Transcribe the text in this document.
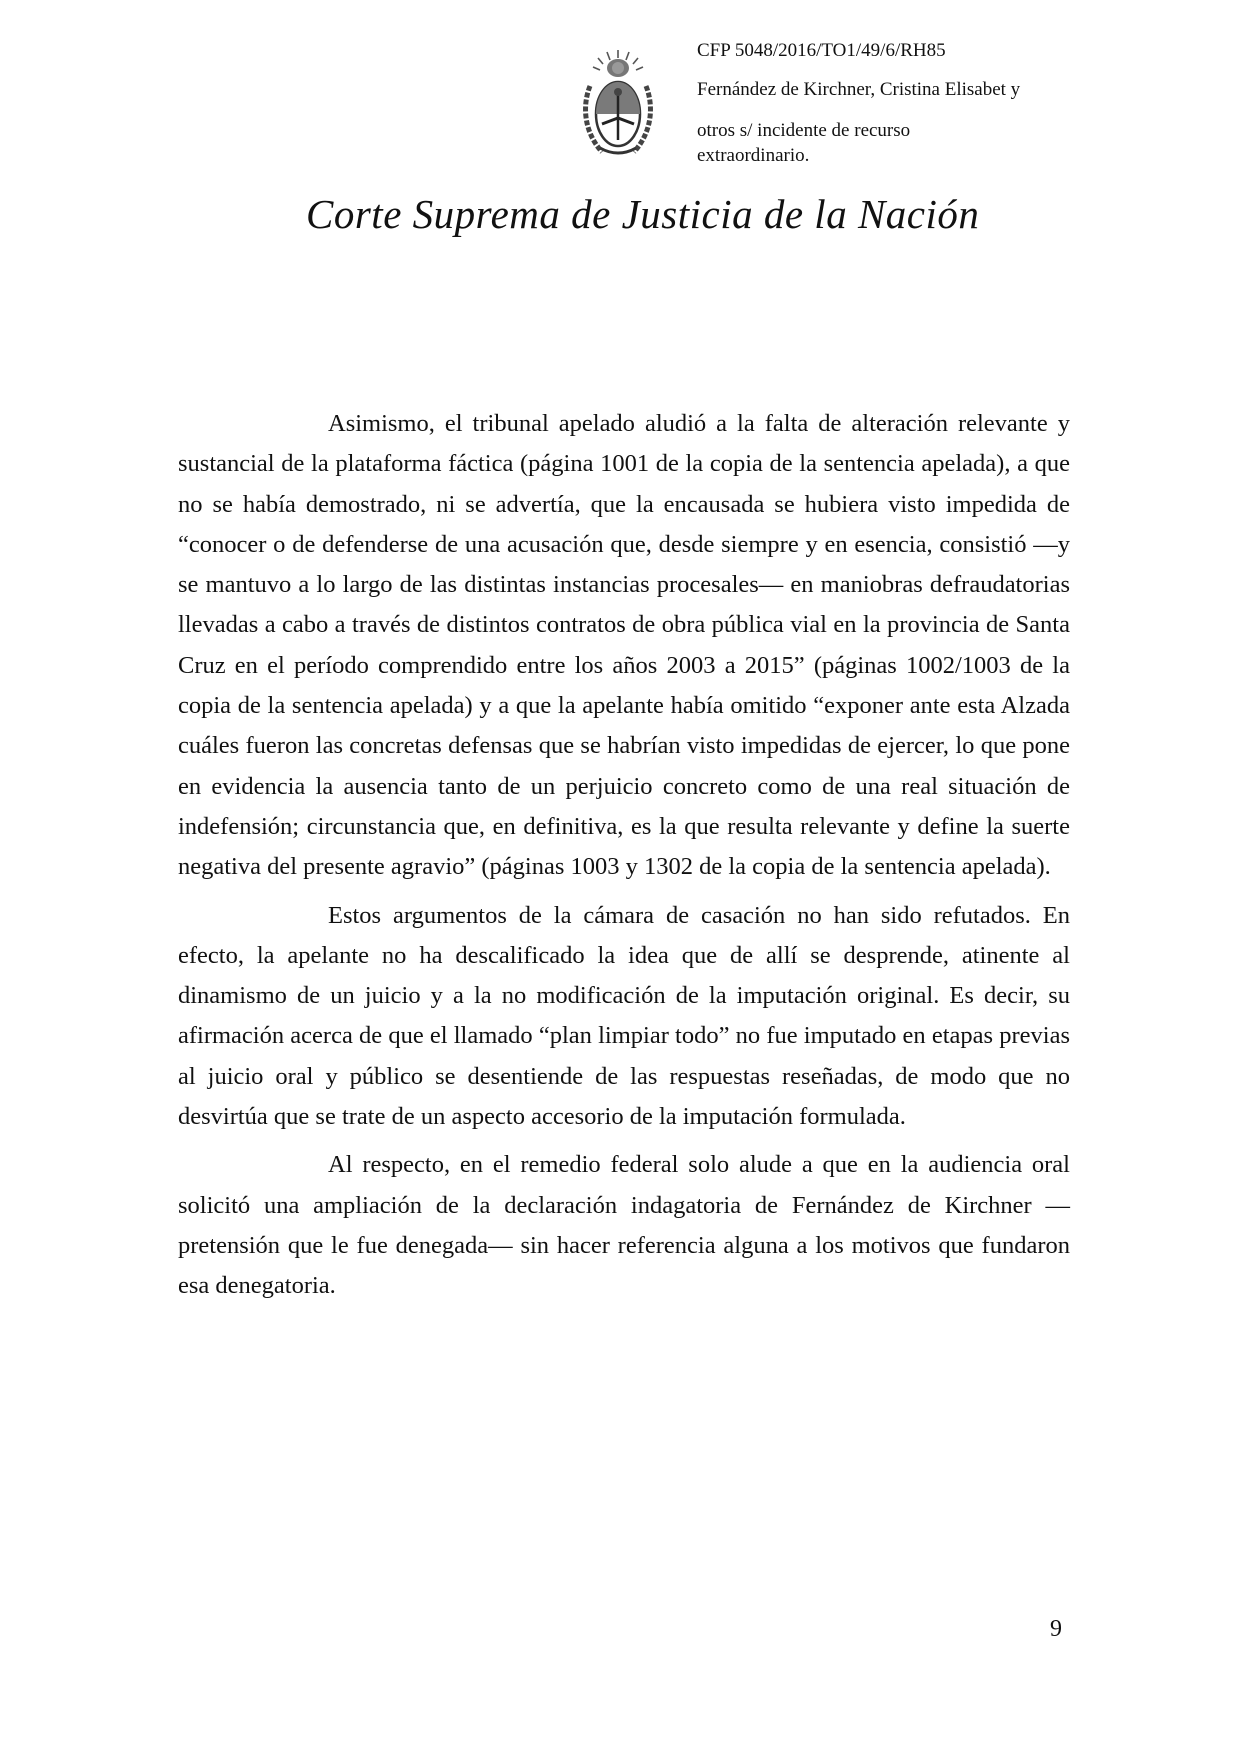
CFP 5048/2016/TO1/49/6/RH85
Fernández de Kirchner, Cristina Elisabet y
otros s/ incidente de recurso
extraordinario.
Corte Suprema de Justicia de la Nación

Asimismo, el tribunal apelado aludió a la falta de alteración relevante y sustancial de la plataforma fáctica (página 1001 de la copia de la sentencia apelada), a que no se había demostrado, ni se advertía, que la encausada se hubiera visto impedida de “conocer o de defenderse de una acusación que, desde siempre y en esencia, consistió —y se mantuvo a lo largo de las distintas instancias procesales— en maniobras defraudatorias llevadas a cabo a través de distintos contratos de obra pública vial en la provincia de Santa Cruz en el período comprendido entre los años 2003 a 2015” (páginas 1002/1003 de la copia de la sentencia apelada) y a que la apelante había omitido “exponer ante esta Alzada cuáles fueron las concretas defensas que se habrían visto impedidas de ejercer, lo que pone en evidencia la ausencia tanto de un perjuicio concreto como de una real situación de indefensión; circunstancia que, en definitiva, es la que resulta relevante y define la suerte negativa del presente agravio” (páginas 1003 y 1302 de la copia de la sentencia apelada).

Estos argumentos de la cámara de casación no han sido refutados. En efecto, la apelante no ha descalificado la idea que de allí se desprende, atinente al dinamismo de un juicio y a la no modificación de la imputación original. Es decir, su afirmación acerca de que el llamado “plan limpiar todo” no fue imputado en etapas previas al juicio oral y público se desentiende de las respuestas reseñadas, de modo que no desvirtúa que se trate de un aspecto accesorio de la imputación formulada.

Al respecto, en el remedio federal solo alude a que en la audiencia oral solicitó una ampliación de la declaración indagatoria de Fernández de Kirchner —pretensión que le fue denegada— sin hacer referencia alguna a los motivos que fundaron esa denegatoria.

9
